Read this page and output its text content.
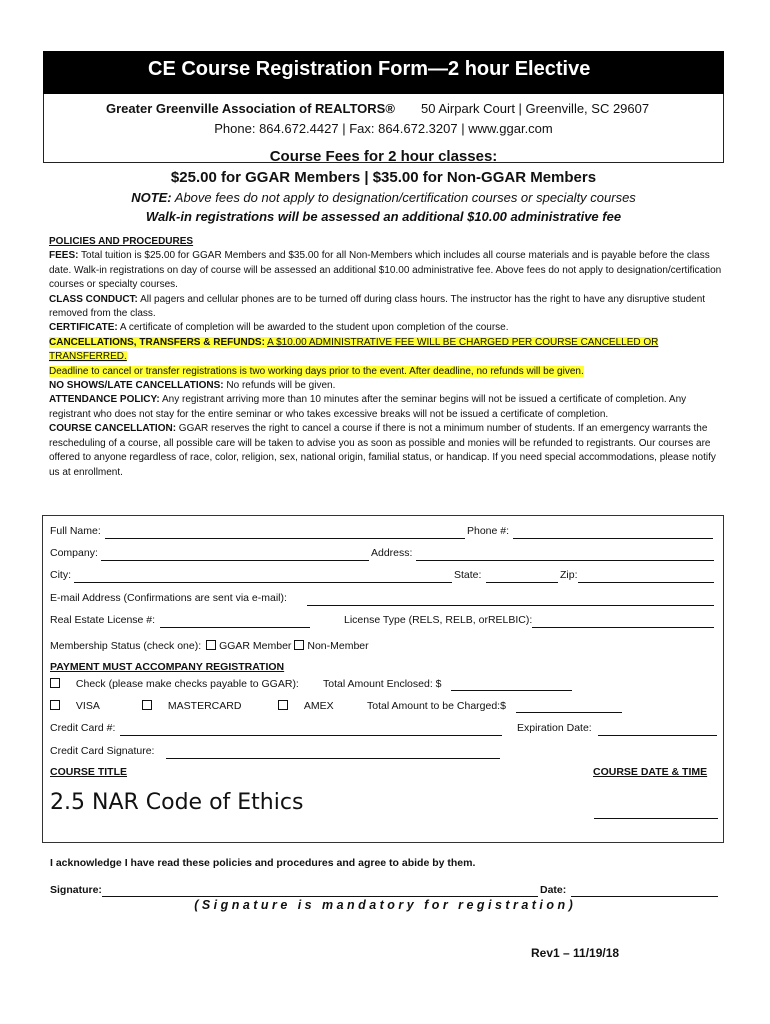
CE Course Registration Form—2 hour Elective
Greater Greenville Association of REALTORS® 50 Airpark Court | Greenville, SC 29607
Phone: 864.672.4427 | Fax: 864.672.3207 | www.ggar.com
Course Fees for 2 hour classes:
$25.00 for GGAR Members | $35.00 for Non-GGAR Members
NOTE: Above fees do not apply to designation/certification courses or specialty courses
Walk-in registrations will be assessed an additional $10.00 administrative fee

POLICIES AND PROCEDURES

FEES: Total tuition is $25.00 for GGAR Members and $35.00 for all Non-Members which includes all course materials and is payable before the class date. Walk-in registrations on day of course will be assessed an additional $10.00 administrative fee. Above fees do not apply to designation/certification courses or specialty courses.

CLASS CONDUCT: All pagers and cellular phones are to be turned off during class hours. The instructor has the right to have any disruptive student removed from the class.

CERTIFICATE: A certificate of completion will be awarded to the student upon completion of the course.

CANCELLATIONS, TRANSFERS & REFUNDS: A $10.00 ADMINISTRATIVE FEE WILL BE CHARGED PER COURSE CANCELLED OR TRANSFERRED.
Deadline to cancel or transfer registrations is two working days prior to the event. After deadline, no refunds will be given.

NO SHOWS/LATE CANCELLATIONS: No refunds will be given.

ATTENDANCE POLICY: Any registrant arriving more than 10 minutes after the seminar begins will not be issued a certificate of completion. Any registrant who does not stay for the entire seminar or who takes excessive breaks will not be issued a certificate of completion.

COURSE CANCELLATION: GGAR reserves the right to cancel a course if there is not a minimum number of students. If an emergency warrants the rescheduling of a course, all possible care will be taken to advise you as soon as possible and monies will be refunded to registrants. Our courses are offered to anyone regardless of race, color, religion, sex, national origin, familial status, or handicap. If you need special accommodations, please notify us at enrollment.

Full Name:	Phone #:
Company:	Address:
City:	State:	Zip:
E-mail Address (Confirmations are sent via e-mail):
Real Estate License #:	License Type (RELS, RELB, orRELBIC):
Membership Status (check one): GGAR Member Non-Member
PAYMENT MUST ACCOMPANY REGISTRATION
Check (please make checks payable to GGAR): Total Amount Enclosed: $
VISA	MASTERCARD	AMEX	Total Amount to be Charged:$
Credit Card #:	Expiration Date:
Credit Card Signature:
COURSE TITLE	COURSE DATE & TIME
2.5 NAR Code of Ethics
I acknowledge I have read these policies and procedures and agree to abide by them.
Signature:	Date:
( S i g n a t u r e   i s   m a n d a t o r y   f o r   r e g i s t r a t i o n )
Rev1 – 11/19/18
